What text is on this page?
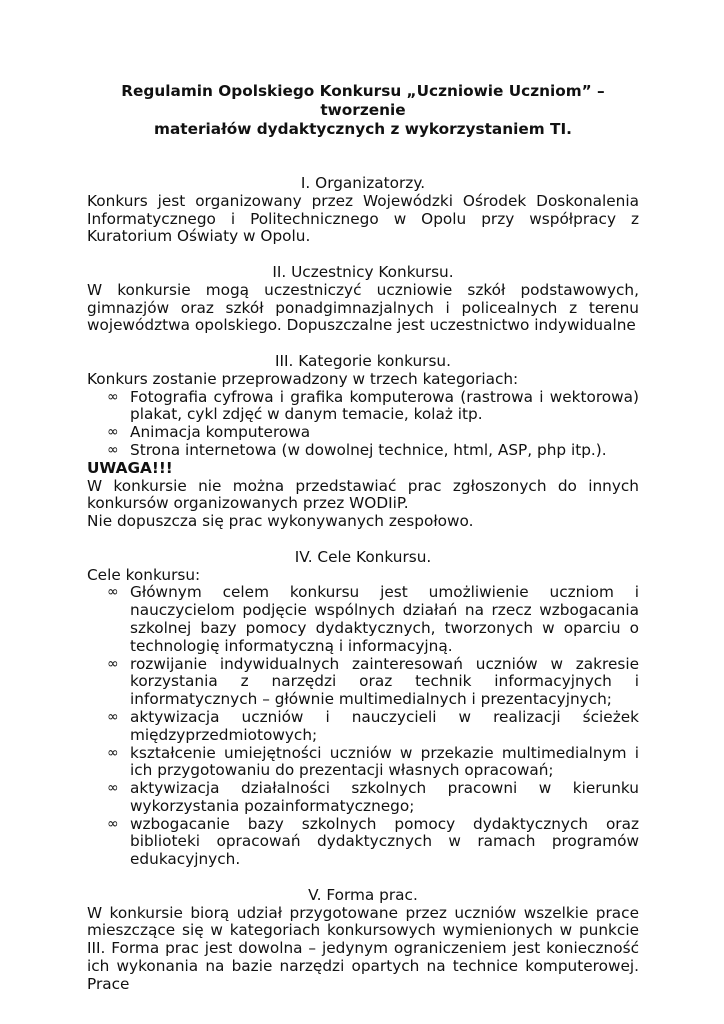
Regulamin Opolskiego Konkursu „Uczniowie Uczniom” – tworzenie
materiałów dydaktycznych z wykorzystaniem TI.
I. Organizatorzy.

Konkurs jest organizowany przez Wojewódzki Ośrodek Doskonalenia Informatycznego i Politechnicznego w Opolu przy współpracy z Kuratorium Oświaty w Opolu.

II. Uczestnicy Konkursu.

W konkursie mogą uczestniczyć uczniowie szkół podstawowych, gimnazjów oraz szkół ponadgimnazjalnych i policealnych z terenu województwa opolskiego. Dopuszczalne jest uczestnictwo indywidualne

III. Kategorie konkursu.

Konkurs zostanie przeprowadzony w trzech kategoriach:

∞ Fotografia cyfrowa i grafika komputerowa (rastrowa i wektorowa) plakat, cykl zdjęć w danym temacie, kolaż itp.
∞ Animacja komputerowa
∞ Strona internetowa (w dowolnej technice, html, ASP, php itp.).

UWAGA!!!

W konkursie nie można przedstawiać prac zgłoszonych do innych konkursów organizowanych przez WODIiP.

Nie dopuszcza się prac wykonywanych zespołowo.

IV. Cele Konkursu.

Cele konkursu:

∞ Głównym celem konkursu jest umożliwienie uczniom i nauczycielom podjęcie wspólnych działań na rzecz wzbogacania szkolnej bazy pomocy dydaktycznych, tworzonych w oparciu o technologię informatyczną i informacyjną.
∞ rozwijanie indywidualnych zainteresowań uczniów w zakresie korzystania z narzędzi oraz technik informacyjnych i informatycznych – głównie multimedialnych i prezentacyjnych;
∞ aktywizacja uczniów i nauczycieli w realizacji ścieżek międzyprzedmiotowych;
∞ kształcenie umiejętności uczniów w przekazie multimedialnym i ich przygotowaniu do prezentacji własnych opracowań;
∞ aktywizacja działalności szkolnych pracowni w kierunku wykorzystania pozainformatycznego;
∞ wzbogacanie bazy szkolnych pomocy dydaktycznych oraz biblioteki opracowań dydaktycznych w ramach programów edukacyjnych.
V. Forma prac.

W konkursie biorą udział przygotowane przez uczniów wszelkie prace mieszczące się w kategoriach konkursowych wymienionych w punkcie III. Forma prac jest dowolna – jedynym ograniczeniem jest konieczność ich wykonania na bazie narzędzi opartych na technice komputerowej. Prace
